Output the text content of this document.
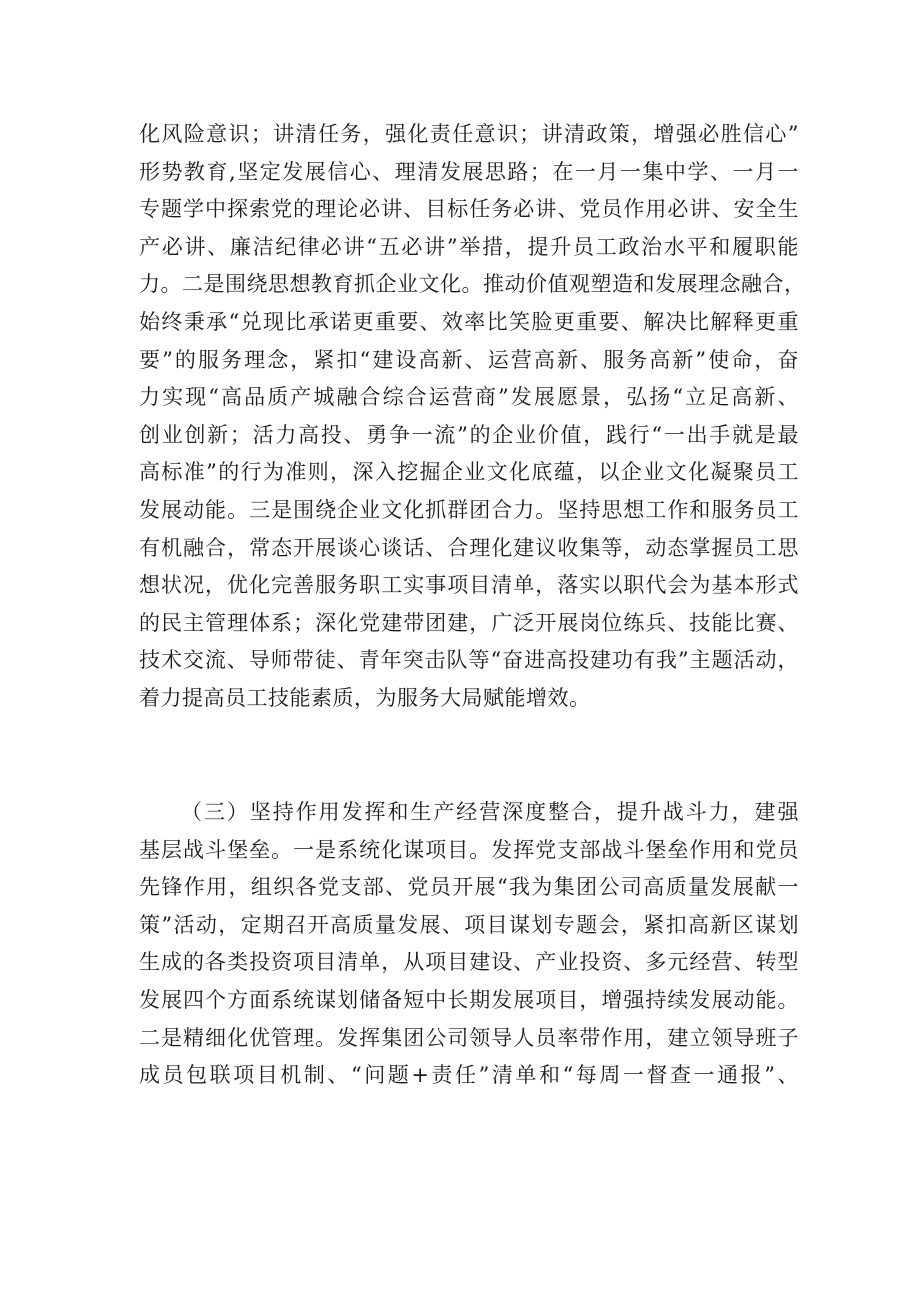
化风险意识；讲清任务，强化责任意识；讲清政策，增强必胜信心”
形势教育,坚定发展信心、理清发展思路；在一月一集中学、一月一
专题学中探索党的理论必讲、目标任务必讲、党员作用必讲、安全生
产必讲、廉洁纪律必讲“五必讲”举措，提升员工政治水平和履职能
力。二是围绕思想教育抓企业文化。推动价值观塑造和发展理念融合，
始终秉承“兑现比承诺更重要、效率比笑脸更重要、解决比解释更重
要”的服务理念，紧扣“建设高新、运营高新、服务高新”使命，奋
力实现“高品质产城融合综合运营商”发展愿景，弘扬“立足高新、
创业创新；活力高投、勇争一流”的企业价值，践行“一出手就是最
高标准”的行为准则，深入挖掘企业文化底蕴，以企业文化凝聚员工
发展动能。三是围绕企业文化抓群团合力。坚持思想工作和服务员工
有机融合，常态开展谈心谈话、合理化建议收集等，动态掌握员工思
想状况，优化完善服务职工实事项目清单，落实以职代会为基本形式
的民主管理体系；深化党建带团建，广泛开展岗位练兵、技能比赛、
技术交流、导师带徒、青年突击队等“奋进高投建功有我”主题活动，
着力提高员工技能素质，为服务大局赋能增效。
（三）坚持作用发挥和生产经营深度整合，提升战斗力，建强
基层战斗堡垒。一是系统化谋项目。发挥党支部战斗堡垒作用和党员
先锋作用，组织各党支部、党员开展“我为集团公司高质量发展献一
策”活动，定期召开高质量发展、项目谋划专题会，紧扣高新区谋划
生成的各类投资项目清单，从项目建设、产业投资、多元经营、转型
发展四个方面系统谋划储备短中长期发展项目，增强持续发展动能。
二是精细化优管理。发挥集团公司领导人员率带作用，建立领导班子
成员包联项目机制、“问题+责任”清单和“每周一督查一通报”、
